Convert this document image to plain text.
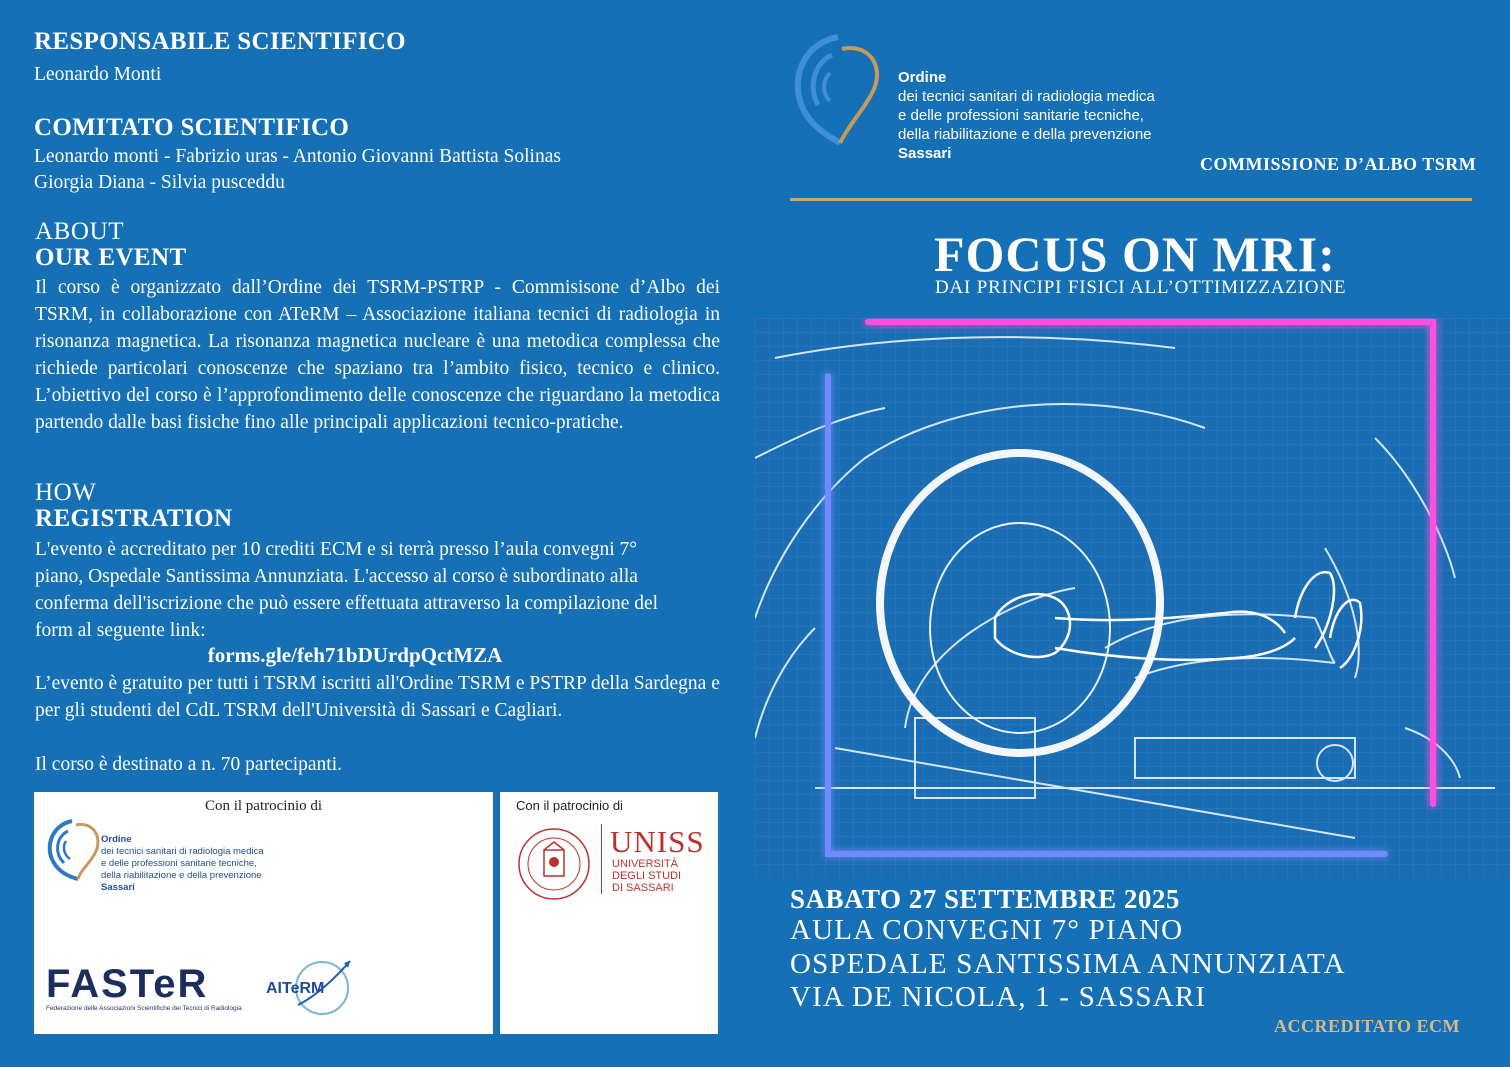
RESPONSABILE SCIENTIFICO
Leonardo Monti
COMITATO SCIENTIFICO
Leonardo monti - Fabrizio uras - Antonio Giovanni Battista Solinas
Giorgia Diana - Silvia pusceddu
ABOUT
OUR EVENT
Il corso è organizzato dall’Ordine dei TSRM-PSTRP - Commisisone d’Albo dei TSRM, in collaborazione con ATeRM – Associazione italiana tecnici di radiologia in risonanza magnetica. La risonanza magnetica nucleare è una metodica complessa che richiede particolari conoscenze che spaziano tra l’ambito fisico, tecnico e clinico. L’obiettivo del corso è l’approfondimento delle conoscenze che riguardano la metodica partendo dalle basi fisiche fino alle principali applicazioni tecnico-pratiche.
HOW
REGISTRATION
L'evento è accreditato per 10 crediti ECM e si terrà presso l’aula convegni 7° piano, Ospedale Santissima Annunziata. L'accesso al corso è subordinato alla conferma dell'iscrizione che può essere effettuata attraverso la compilazione del form al seguente link:
forms.gle/feh71bDUrdpQctMZA
L’evento è gratuito per tutti i TSRM iscritti all'Ordine TSRM e PSTRP della Sardegna e per gli studenti del CdL TSRM dell'Università di Sassari e Cagliari.
Il corso è destinato a n. 70 partecipanti.
Con il patrocinio di
Ordine
dei tecnici sanitari di radiologia medica
e delle professioni sanitarie tecniche,
della riabilitazione e della prevenzione
Sassari
FASTeR
Federazione delle Associazioni Scientifiche dei Tecnici di Radiologia
AITeRM
Con il patrocinio di
UNISS
UNIVERSITÀ
DEGLI STUDI
DI SASSARI
Ordine
dei tecnici sanitari di radiologia medica
e delle professioni sanitarie tecniche,
della riabilitazione e della prevenzione
Sassari
COMMISSIONE D’ALBO TSRM
FOCUS ON MRI:
DAI PRINCIPI FISICI ALL’OTTIMIZZAZIONE
SABATO 27 SETTEMBRE 2025
AULA CONVEGNI 7° PIANO
OSPEDALE SANTISSIMA ANNUNZIATA
VIA DE NICOLA, 1 - SASSARI
ACCREDITATO ECM
